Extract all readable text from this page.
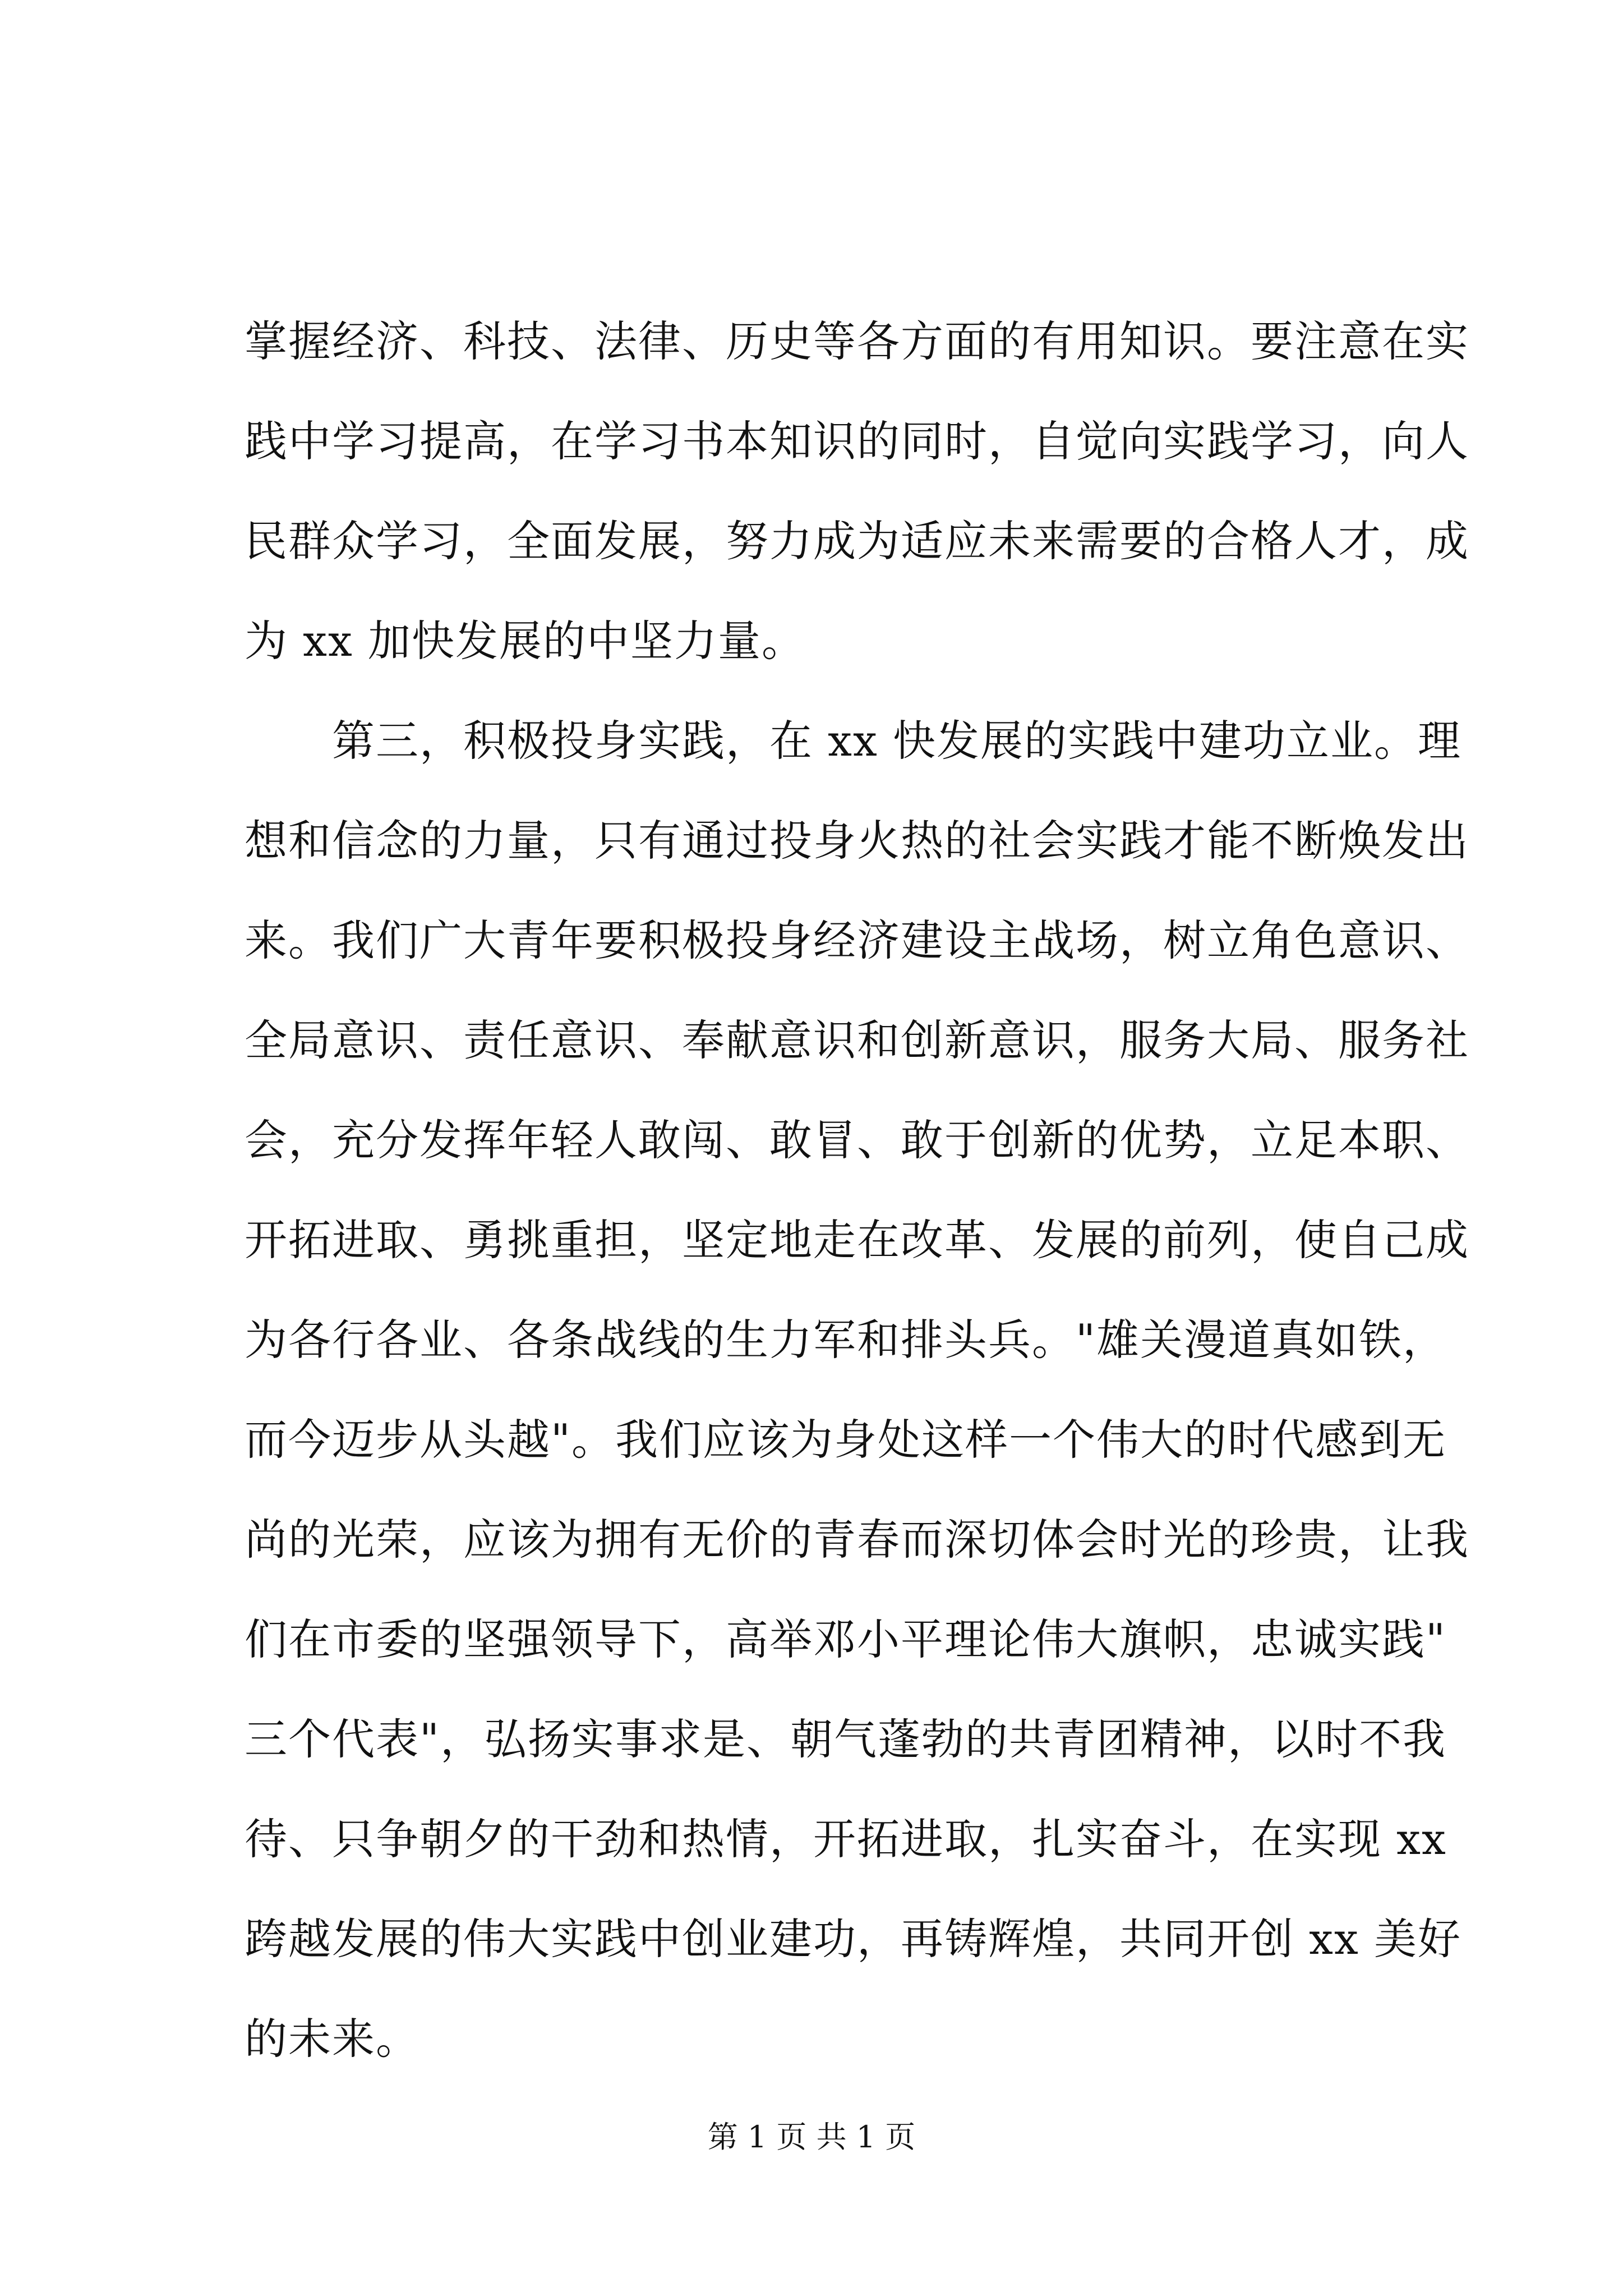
掌握经济、科技、法律、历史等各方面的有用知识。要注意在实
践中学习提高，在学习书本知识的同时，自觉向实践学习，向人
民群众学习，全面发展，努力成为适应未来需要的合格人才，成
为 xx 加快发展的中坚力量。
　　第三，积极投身实践，在 xx 快发展的实践中建功立业。理
想和信念的力量，只有通过投身火热的社会实践才能不断焕发出
来。我们广大青年要积极投身经济建设主战场，树立角色意识、
全局意识、责任意识、奉献意识和创新意识，服务大局、服务社
会，充分发挥年轻人敢闯、敢冒、敢于创新的优势，立足本职、
开拓进取、勇挑重担，坚定地走在改革、发展的前列，使自己成
为各行各业、各条战线的生力军和排头兵。"雄关漫道真如铁，
而今迈步从头越"。我们应该为身处这样一个伟大的时代感到无
尚的光荣，应该为拥有无价的青春而深切体会时光的珍贵，让我
们在市委的坚强领导下，高举邓小平理论伟大旗帜，忠诚实践"
三个代表"，弘扬实事求是、朝气蓬勃的共青团精神，以时不我
待、只争朝夕的干劲和热情，开拓进取，扎实奋斗，在实现 xx
跨越发展的伟大实践中创业建功，再铸辉煌，共同开创 xx 美好
的未来。
第 1 页 共 1 页
